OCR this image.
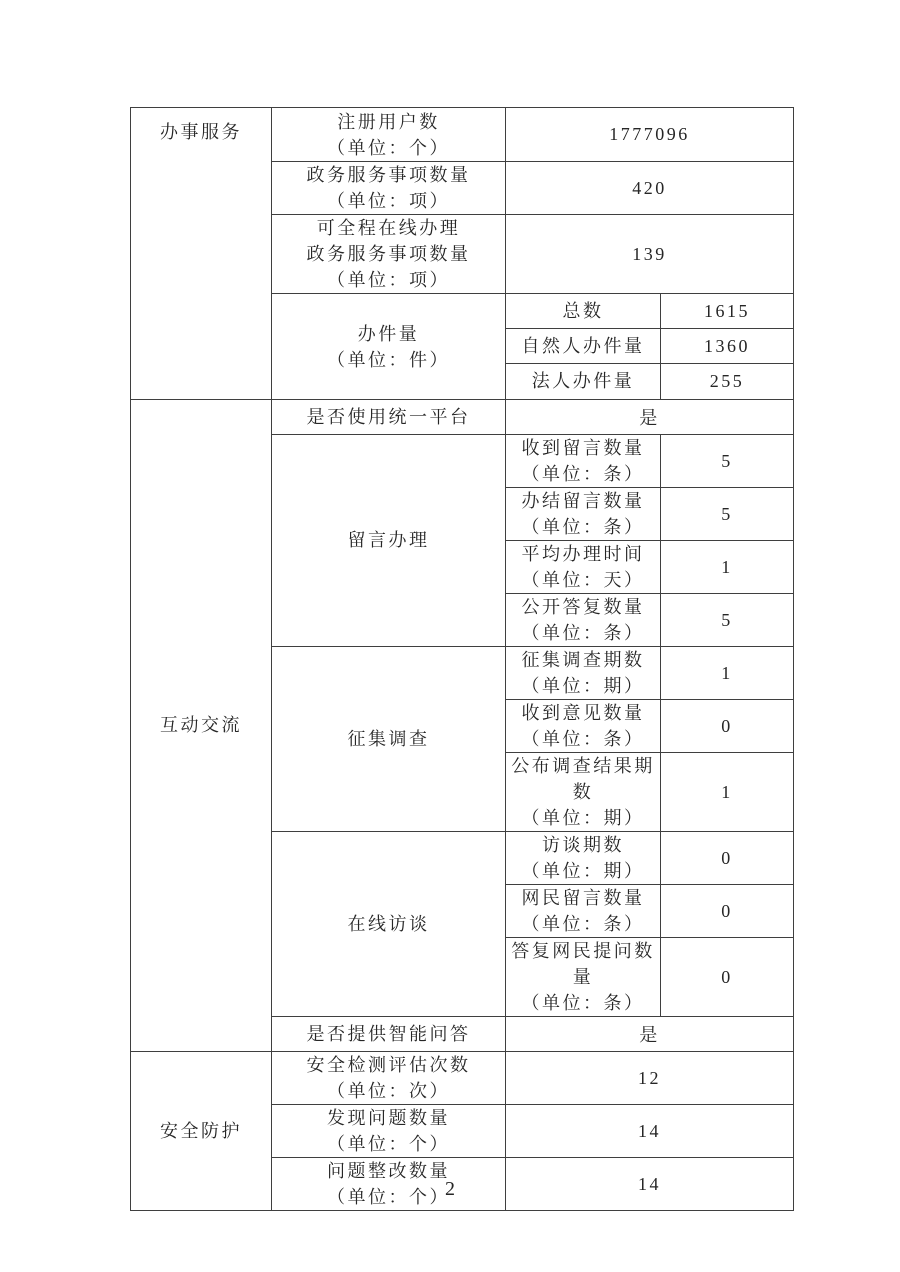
办事服务	注册用户数
（单位：个）	1777096	

	政务服务事项数量
（单位：项）	420	

	可全程在线办理
政务服务事项数量
（单位：项）	139	

	办件量
（单位：件）	总数	1615
		自然人办件量	1360
		法人办件量	255
互动交流	是否使用统一平台	是	
	留言办理	收到留言数量
（单位：条）	5

		办结留言数量
（单位：条）	5

		平均办理时间
（单位：天）	1

		公开答复数量
（单位：条）	5
	征集调查	征集调查期数
（单位：期）	1

		收到意见数量
（单位：条）	0

		公布调查结果期数
（单位：期）	1
	在线访谈	访谈期数
（单位：期）	0

		网民留言数量
（单位：条）	0

		答复网民提问数量
（单位：条）	0
	是否提供智能问答	是	
安全防护	安全检测评估次数
（单位：次）	12	

	发现问题数量
（单位：个）	14	

	问题整改数量
（单位：个）	14	
2
